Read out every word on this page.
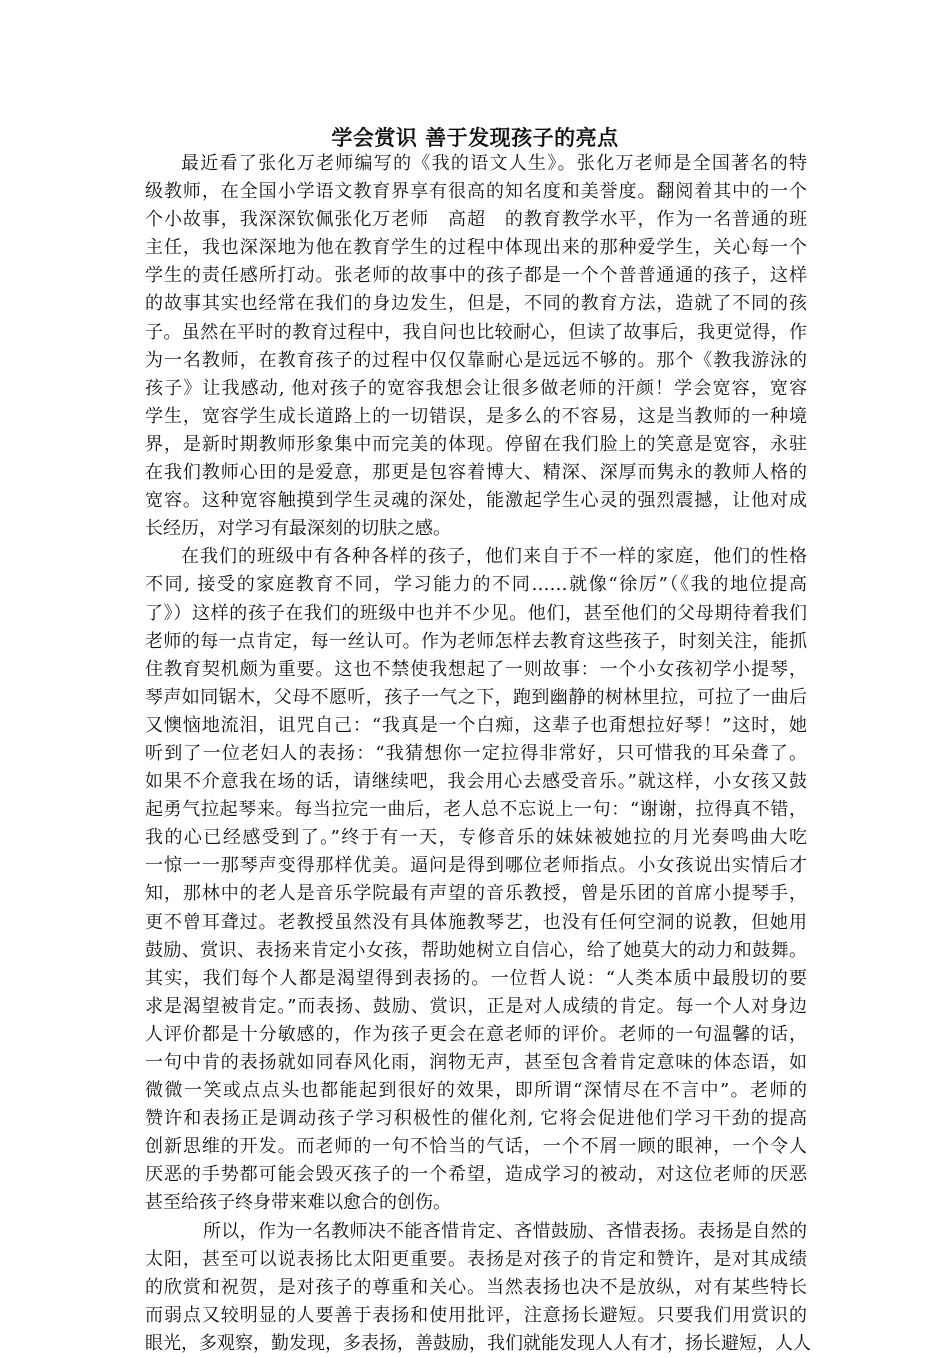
学会赏识 善于发现孩子的亮点
最近看了张化万老师编写的《我的语文人生》。张化万老师是全国著名的特
级教师，在全国小学语文教育界享有很高的知名度和美誉度。翻阅着其中的一个
个小故事，我深深钦佩张化万老师　高超　的教育教学水平，作为一名普通的班
主任，我也深深地为他在教育学生的过程中体现出来的那种爱学生，关心每一个
学生的责任感所打动。张老师的故事中的孩子都是一个个普普通通的孩子，这样
的故事其实也经常在我们的身边发生，但是，不同的教育方法，造就了不同的孩
子。虽然在平时的教育过程中，我自问也比较耐心，但读了故事后，我更觉得，作
为一名教师，在教育孩子的过程中仅仅靠耐心是远远不够的。那个《教我游泳的
孩子》让我感动, 他对孩子的宽容我想会让很多做老师的汗颜！学会宽容，宽容
学生，宽容学生成长道路上的一切错误，是多么的不容易，这是当教师的一种境
界，是新时期教师形象集中而完美的体现。停留在我们脸上的笑意是宽容，永驻
在我们教师心田的是爱意，那更是包容着博大、精深、深厚而隽永的教师人格的
宽容。这种宽容触摸到学生灵魂的深处，能激起学生心灵的强烈震撼，让他对成
长经历，对学习有最深刻的切肤之感。
在我们的班级中有各种各样的孩子，他们来自于不一样的家庭，他们的性格
不同, 接受的家庭教育不同，学习能力的不同……就像“徐厉”（《我的地位提高
了》）这样的孩子在我们的班级中也并不少见。他们，甚至他们的父母期待着我们
老师的每一点肯定，每一丝认可。作为老师怎样去教育这些孩子，时刻关注，能抓
住教育契机颇为重要。这也不禁使我想起了一则故事：一个小女孩初学小提琴，
琴声如同锯木，父母不愿听，孩子一气之下，跑到幽静的树林里拉，可拉了一曲后
又懊恼地流泪，诅咒自己：“我真是一个白痴，这辈子也甭想拉好琴！”这时，她
听到了一位老妇人的表扬：“我猜想你一定拉得非常好，只可惜我的耳朵聋了。
如果不介意我在场的话，请继续吧，我会用心去感受音乐。”就这样，小女孩又鼓
起勇气拉起琴来。每当拉完一曲后，老人总不忘说上一句：“谢谢，拉得真不错，
我的心已经感受到了。”终于有一天，专修音乐的妹妹被她拉的月光奏鸣曲大吃
一惊一一那琴声变得那样优美。逼问是得到哪位老师指点。小女孩说出实情后才
知，那林中的老人是音乐学院最有声望的音乐教授，曾是乐团的首席小提琴手，
更不曾耳聋过。老教授虽然没有具体施教琴艺，也没有任何空洞的说教，但她用
鼓励、赏识、表扬来肯定小女孩，帮助她树立自信心，给了她莫大的动力和鼓舞。
其实，我们每个人都是渴望得到表扬的。一位哲人说：“人类本质中最殷切的要
求是渴望被肯定。”而表扬、鼓励、赏识，正是对人成绩的肯定。每一个人对身边
人评价都是十分敏感的，作为孩子更会在意老师的评价。老师的一句温馨的话，
一句中肯的表扬就如同春风化雨，润物无声，甚至包含着肯定意味的体态语，如
微微一笑或点点头也都能起到很好的效果，即所谓“深情尽在不言中”。老师的
赞许和表扬正是调动孩子学习积极性的催化剂, 它将会促进他们学习干劲的提高
创新思维的开发。而老师的一句不恰当的气话，一个不屑一顾的眼神，一个令人
厌恶的手势都可能会毁灭孩子的一个希望，造成学习的被动，对这位老师的厌恶
甚至给孩子终身带来难以愈合的创伤。
所以，作为一名教师决不能吝惜肯定、吝惜鼓励、吝惜表扬。表扬是自然的
太阳，甚至可以说表扬比太阳更重要。表扬是对孩子的肯定和赞许，是对其成绩
的欣赏和祝贺，是对孩子的尊重和关心。当然表扬也决不是放纵，对有某些特长
而弱点又较明显的人要善于表扬和使用批评，注意扬长避短。只要我们用赏识的
眼光，多观察，勤发现，多表扬，善鼓励，我们就能发现人人有才，扬长避短，人人
